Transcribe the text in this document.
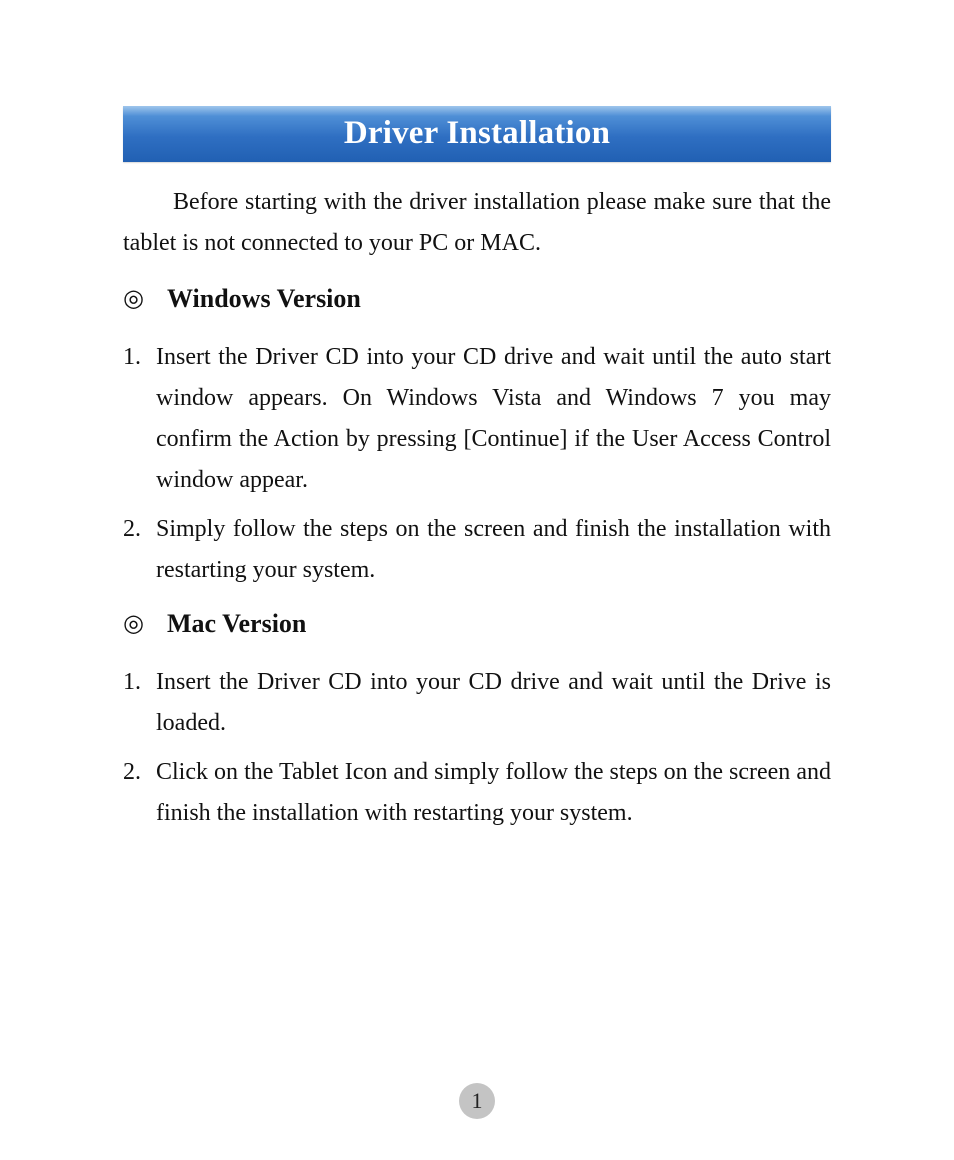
Driver Installation

Before starting with the driver installation please make sure that the tablet is not connected to your PC or MAC.

◎ Windows Version
1. Insert the Driver CD into your CD drive and wait until the auto start window appears. On Windows Vista and Windows 7 you may confirm the Action by pressing [Continue] if the User Access Control window appear.
2. Simply follow the steps on the screen and finish the installation with restarting your system.
◎ Mac Version
1. Insert the Driver CD into your CD drive and wait until the Drive is loaded.
2. Click on the Tablet Icon and simply follow the steps on the screen and finish the installation with restarting your system.
1
